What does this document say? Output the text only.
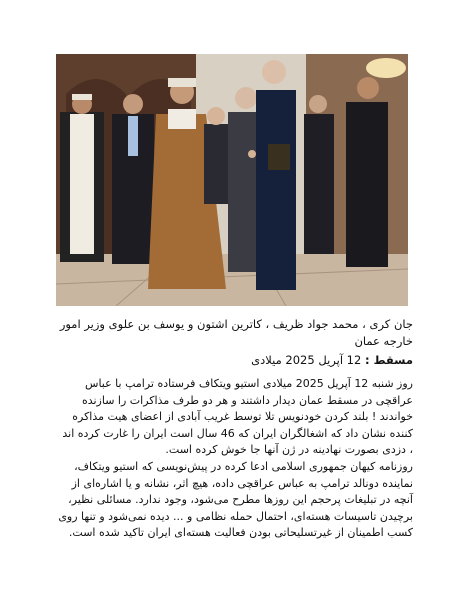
جان کری ، محمد جواد ظریف ، کاترین اشتون و یوسف بن علوی وزیر امور خارجه عمان
مسقط : 12 آپریل 2025 میلادی

روز شنبه 12 آپریل 2025 میلادی استیو ویتکاف فرستاده ترامپ با عباس عراقچی در مسقط عمان دیدار داشتند و هر دو طرف مذاکرات را سازنده خواندند ! بلند کردن خودنویس تلا توسط غریب آبادی از اعضای هیت مذاکره کننده نشان داد که اشغالگران ایران که 46 سال است ایران را غارت کرده اند ، دزدی بصورت نهادینه در ژن آنها جا خوش کرده است.

روزنامه کیهان جمهوری اسلامی ادعا کرده در پیش‌نویسی که استیو ویتکاف، نماینده دونالد ترامپ به عباس عراقچی داده، هیچ اثر، نشانه و یا اشاره‌ای از آنچه در تبلیغات پرحجم این روزها مطرح می‌شود، وجود ندارد. مسائلی نظیر، برچیدن تاسیسات هسته‌ای، احتمال حمله نظامی و ... دیده نمی‌شود و تنها روی کسب اطمینان از غیرتسلیحاتی بودن فعالیت هسته‌ای ایران تاکید شده است.
